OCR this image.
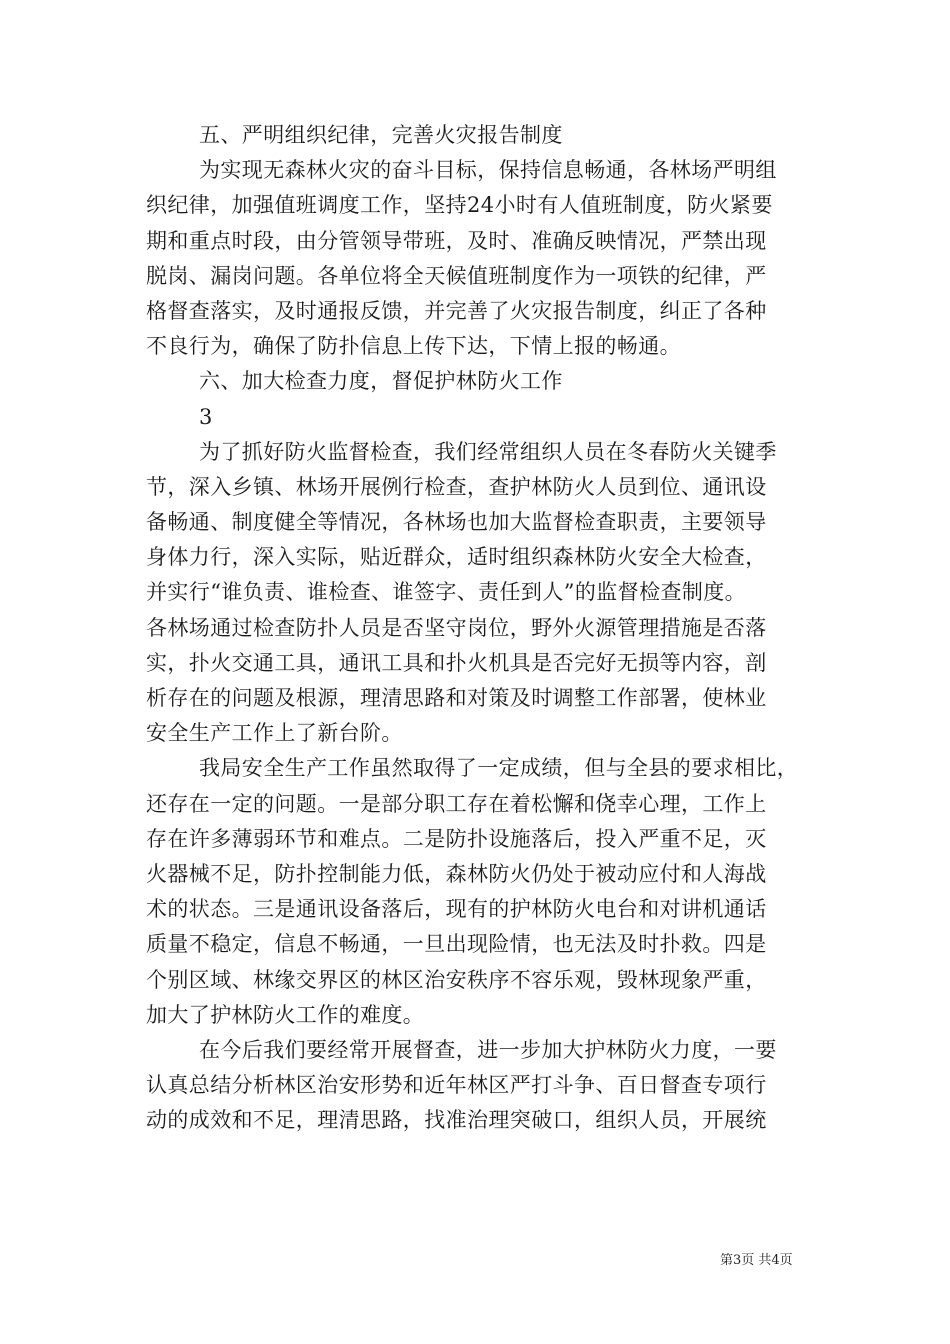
五、严明组织纪律，完善火灾报告制度
为实现无森林火灾的奋斗目标，保持信息畅通，各林场严明组
织纪律，加强值班调度工作，坚持24小时有人值班制度，防火紧要
期和重点时段，由分管领导带班，及时、准确反映情况，严禁出现
脱岗、漏岗问题。各单位将全天候值班制度作为一项铁的纪律，严
格督查落实，及时通报反馈，并完善了火灾报告制度，纠正了各种
不良行为，确保了防扑信息上传下达，下情上报的畅通。
六、加大检查力度，督促护林防火工作
3
为了抓好防火监督检查，我们经常组织人员在冬春防火关键季
节，深入乡镇、林场开展例行检查，查护林防火人员到位、通讯设
备畅通、制度健全等情况，各林场也加大监督检查职责，主要领导
身体力行，深入实际，贴近群众，适时组织森林防火安全大检查，
并实行“谁负责、谁检查、谁签字、责任到人”的监督检查制度。
各林场通过检查防扑人员是否坚守岗位，野外火源管理措施是否落
实，扑火交通工具，通讯工具和扑火机具是否完好无损等内容，剖
析存在的问题及根源，理清思路和对策及时调整工作部署，使林业
安全生产工作上了新台阶。
我局安全生产工作虽然取得了一定成绩，但与全县的要求相比，
还存在一定的问题。一是部分职工存在着松懈和侥幸心理，工作上
存在许多薄弱环节和难点。二是防扑设施落后，投入严重不足，灭
火器械不足，防扑控制能力低，森林防火仍处于被动应付和人海战
术的状态。三是通讯设备落后，现有的护林防火电台和对讲机通话
质量不稳定，信息不畅通，一旦出现险情，也无法及时扑救。四是
个别区域、林缘交界区的林区治安秩序不容乐观，毁林现象严重，
加大了护林防火工作的难度。
在今后我们要经常开展督查，进一步加大护林防火力度，一要
认真总结分析林区治安形势和近年林区严打斗争、百日督查专项行
动的成效和不足，理清思路，找准治理突破口，组织人员，开展统
第3页 共4页
